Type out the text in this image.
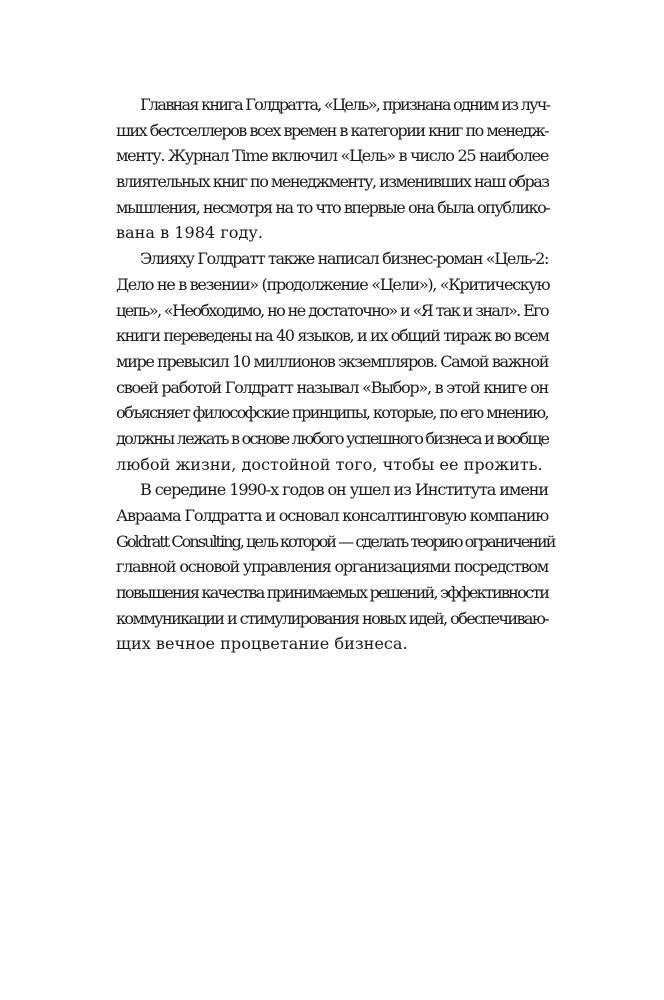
Главная книга Голдратта, «Цель», признана одним из луч-
ших бестселлеров всех времен в категории книг по менедж-
менту. Журнал Time включил «Цель» в число 25 наиболее
влиятельных книг по менеджменту, изменивших наш образ
мышления, несмотря на то что впервые она была опублико-
вана в 1984 году.
Элияху Голдратт также написал бизнес-роман «Цель-2:
Дело не в везении» (продолжение «Цели»), «Критическую
цепь», «Необходимо, но не достаточно» и «Я так и знал». Его
книги переведены на 40 языков, и их общий тираж во всем
мире превысил 10 миллионов экземпляров. Самой важной
своей работой Голдратт называл «Выбор», в этой книге он
объясняет философские принципы, которые, по его мнению,
должны лежать в основе любого успешного бизнеса и вообще
любой жизни, достойной того, чтобы ее прожить.
В середине 1990-х годов он ушел из Института имени
Авраама Голдратта и основал консалтинговую компанию
Goldratt Consulting, цель которой — сделать теорию ограничений
главной основой управления организациями посредством
повышения качества принимаемых решений, эффективности
коммуникации и стимулирования новых идей, обеспечиваю-
щих вечное процветание бизнеса.
